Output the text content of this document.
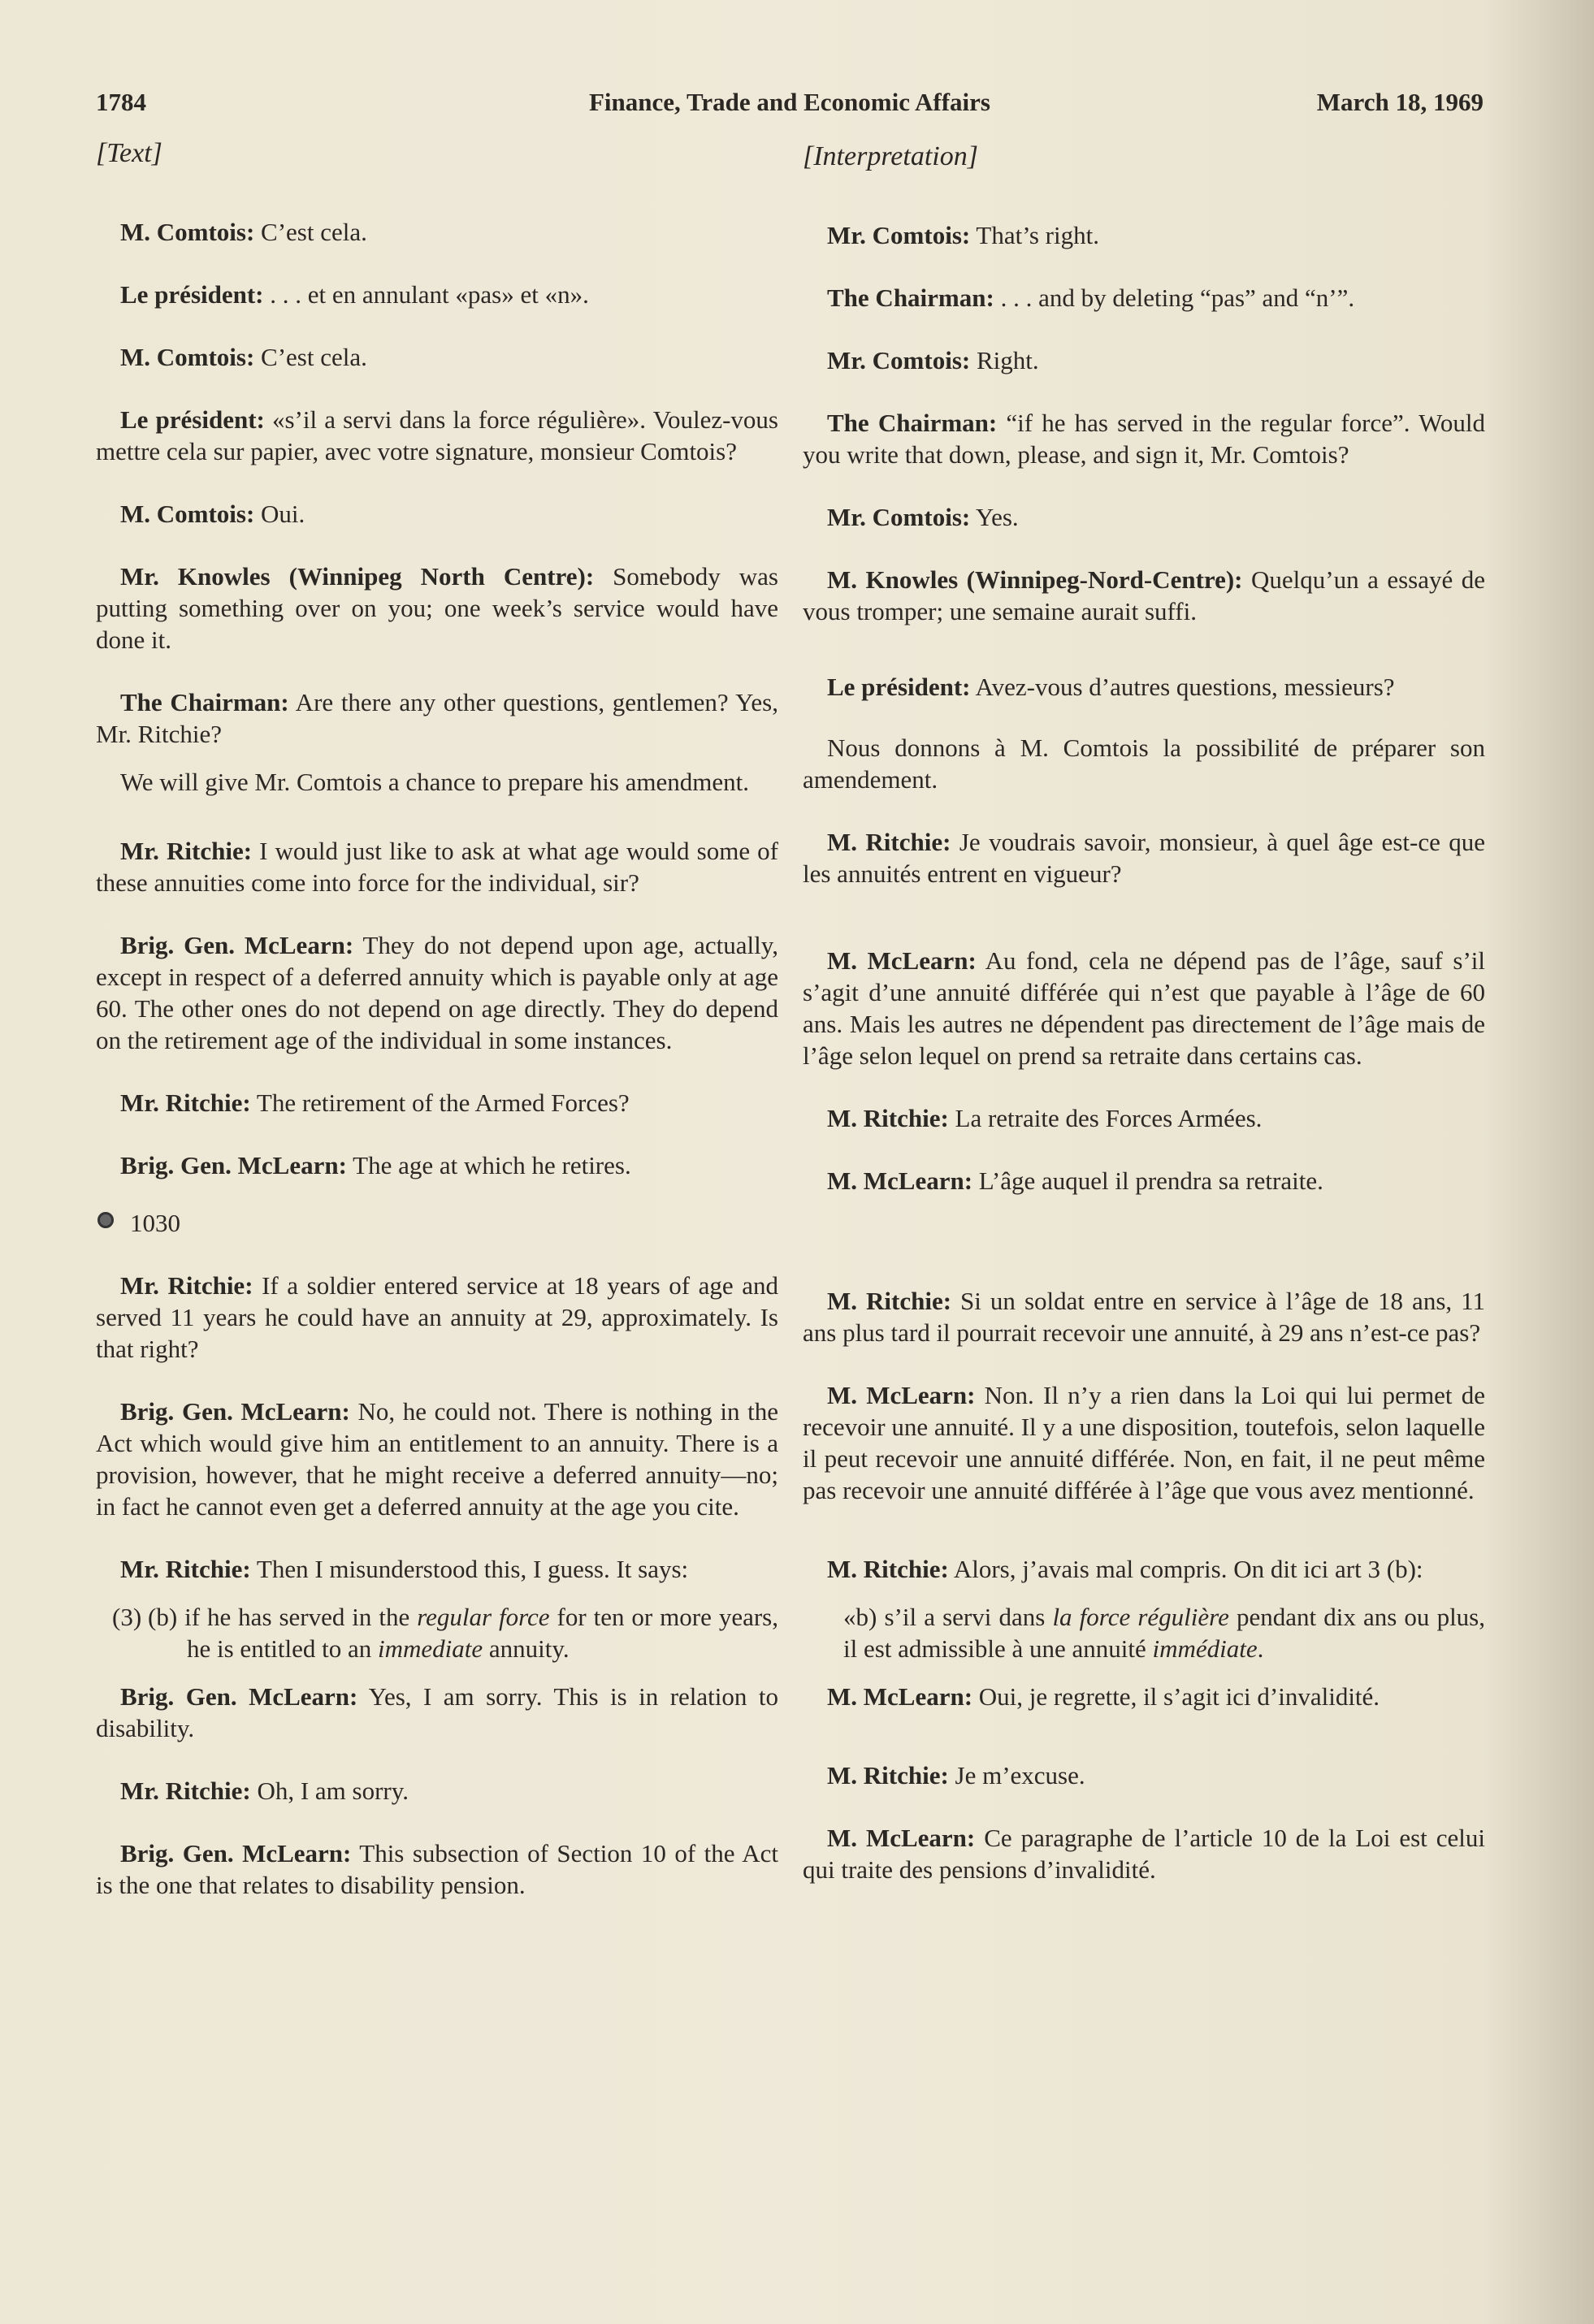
1784	Finance, Trade and Economic Affairs	March 18, 1969
[Text]

M. Comtois: C’est cela.

Le président: . . . et en annulant «pas» et «n».

M. Comtois: C’est cela.

Le président: «s’il a servi dans la force régulière». Voulez-vous mettre cela sur papier, avec votre signature, monsieur Comtois?

M. Comtois: Oui.

Mr. Knowles (Winnipeg North Centre): Somebody was putting something over on you; one week’s service would have done it.

The Chairman: Are there any other questions, gentlemen? Yes, Mr. Ritchie?

We will give Mr. Comtois a chance to prepare his amendment.

Mr. Ritchie: I would just like to ask at what age would some of these annuities come into force for the individual, sir?

Brig. Gen. McLearn: They do not depend upon age, actually, except in respect of a deferred annuity which is payable only at age 60. The other ones do not depend on age directly. They do depend on the retirement age of the individual in some instances.

Mr. Ritchie: The retirement of the Armed Forces?

Brig. Gen. McLearn: The age at which he retires.

1030

Mr. Ritchie: If a soldier entered service at 18 years of age and served 11 years he could have an annuity at 29, approximately. Is that right?

Brig. Gen. McLearn: No, he could not. There is nothing in the Act which would give him an entitlement to an annuity. There is a provision, however, that he might receive a deferred annuity—no; in fact he cannot even get a deferred annuity at the age you cite.

Mr. Ritchie: Then I misunderstood this, I guess. It says:

(3) (b) if he has served in the regular force for ten or more years, he is entitled to an immediate annuity.

Brig. Gen. McLearn: Yes, I am sorry. This is in relation to disability.

Mr. Ritchie: Oh, I am sorry.

Brig. Gen. McLearn: This subsection of Section 10 of the Act is the one that relates to disability pension.

[Interpretation]

Mr. Comtois: That’s right.

The Chairman: . . . and by deleting “pas” and “n’”.

Mr. Comtois: Right.

The Chairman: “if he has served in the regular force”. Would you write that down, please, and sign it, Mr. Comtois?

Mr. Comtois: Yes.

M. Knowles (Winnipeg-Nord-Centre): Quelqu’un a essayé de vous tromper; une semaine aurait suffi.

Le président: Avez-vous d’autres questions, messieurs?

Nous donnons à M. Comtois la possibilité de préparer son amendement.

M. Ritchie: Je voudrais savoir, monsieur, à quel âge est-ce que les annuités entrent en vigueur?

M. McLearn: Au fond, cela ne dépend pas de l’âge, sauf s’il s’agit d’une annuité différée qui n’est que payable à l’âge de 60 ans. Mais les autres ne dépendent pas directement de l’âge mais de l’âge selon lequel on prend sa retraite dans certains cas.

M. Ritchie: La retraite des Forces Armées.

M. McLearn: L’âge auquel il prendra sa retraite.

M. Ritchie: Si un soldat entre en service à l’âge de 18 ans, 11 ans plus tard il pourrait recevoir une annuité, à 29 ans n’est-ce pas?

M. McLearn: Non. Il n’y a rien dans la Loi qui lui permet de recevoir une annuité. Il y a une disposition, toutefois, selon laquelle il peut recevoir une annuité différée. Non, en fait, il ne peut même pas recevoir une annuité différée à l’âge que vous avez mentionné.

M. Ritchie: Alors, j’avais mal compris. On dit ici art 3 (b):

«b) s’il a servi dans la force régulière pendant dix ans ou plus, il est admissible à une annuité immédiate.

M. McLearn: Oui, je regrette, il s’agit ici d’invalidité.

M. Ritchie: Je m’excuse.

M. McLearn: Ce paragraphe de l’article 10 de la Loi est celui qui traite des pensions d’invalidité.
